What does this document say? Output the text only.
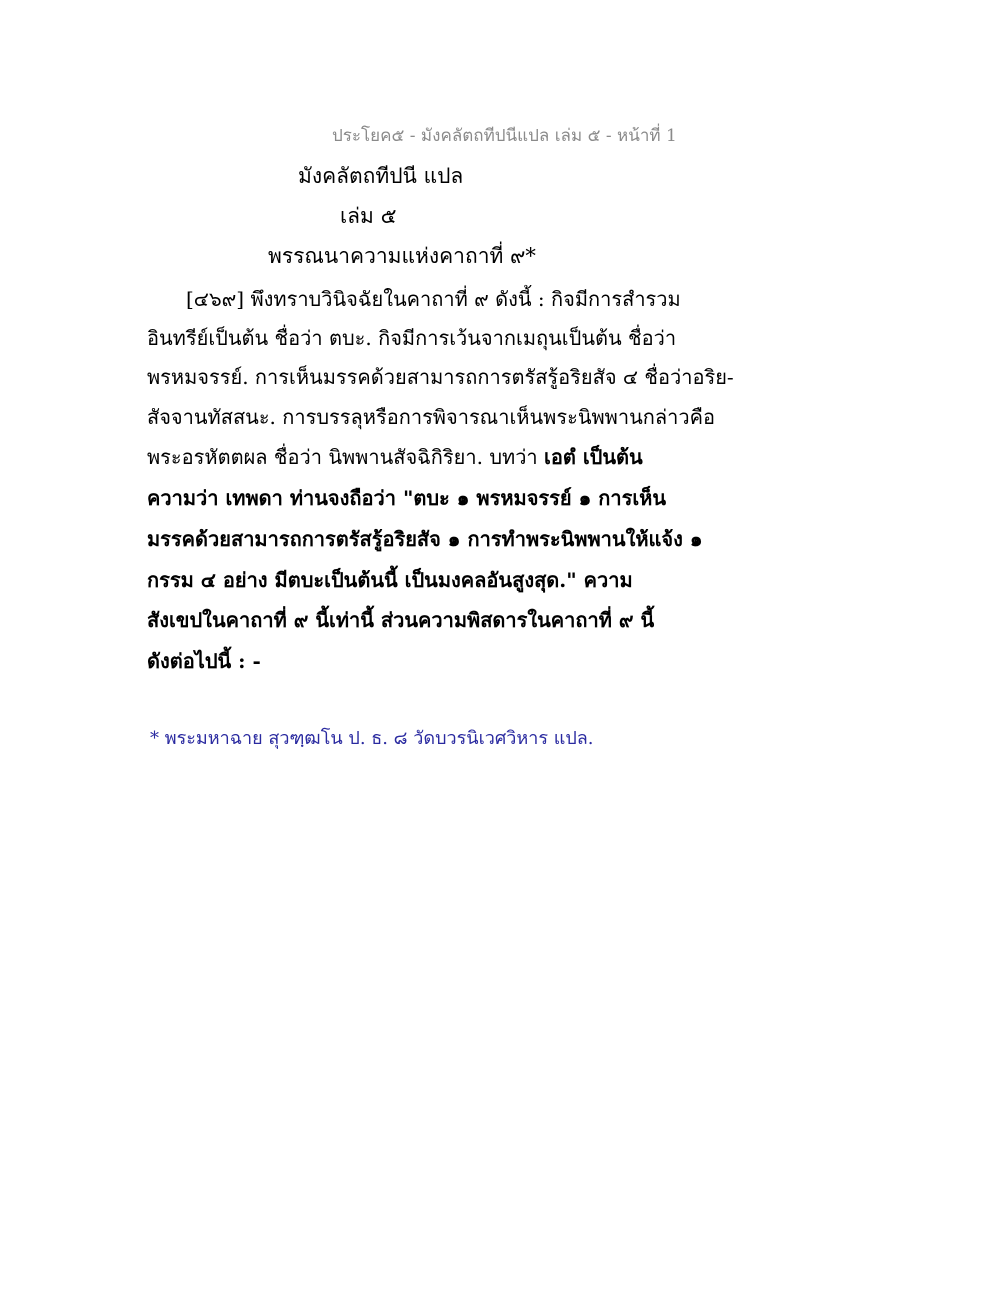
ประโยค๕ - มังคลัตถทีปนีแปล เล่ม ๕ - หน้าที่ 1
มังคลัตถทีปนี แปล
เล่ม ๕
พรรณนาความแห่งคาถาที่ ๙*
[๔๖๙] พึงทราบวินิจฉัยในคาถาที่ ๙ ดังนี้ : กิจมีการสำรวม
อินทรีย์เป็นต้น ชื่อว่า ตบะ. กิจมีการเว้นจากเมถุนเป็นต้น ชื่อว่า
พรหมจรรย์. การเห็นมรรคด้วยสามารถการตรัสรู้อริยสัจ ๔ ชื่อว่าอริย-
สัจจานทัสสนะ. การบรรลุหรือการพิจารณาเห็นพระนิพพานกล่าวคือ
พระอรหัตตผล ชื่อว่า นิพพานสัจฉิกิริยา. บทว่า เอตํ เป็นต้น
ความว่า เทพดา ท่านจงถือว่า "ตบะ ๑ พรหมจรรย์ ๑ การเห็น
มรรคด้วยสามารถการตรัสรู้อริยสัจ ๑ การทำพระนิพพานให้แจ้ง ๑
กรรม ๔ อย่าง มีตบะเป็นต้นนี้ เป็นมงคลอันสูงสุด." ความ
สังเขปในคาถาที่ ๙ นี้เท่านี้ ส่วนความพิสดารในคาถาที่ ๙ นี้
ดังต่อไปนี้ : -
* พระมหาฉาย สุวฑฺฒโน ป. ธ. ๘ วัดบวรนิเวศวิหาร แปล.
